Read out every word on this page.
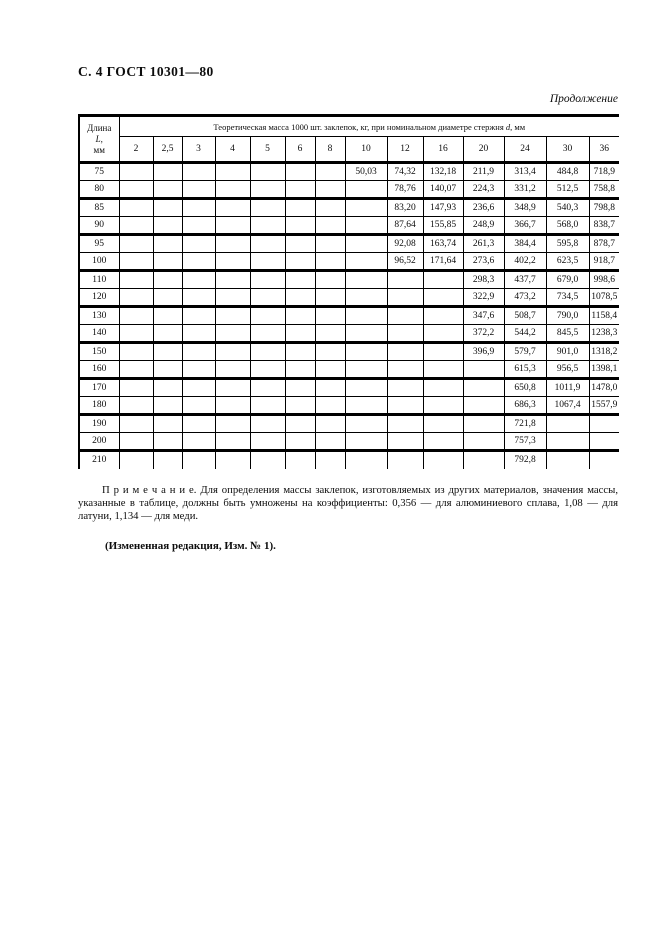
С. 4 ГОСТ 10301—80
Продолжение
Длина
L,
мм	Теоретическая масса 1000 шт. заклепок, кг, при номинальном диаметре стержня d, мм													
	2	2,5	3	4	5	6	8	10	12	16	20	24	30	36
75								50,03	74,32	132,18	211,9	313,4	484,8	718,9
80									78,76	140,07	224,3	331,2	512,5	758,8
85									83,20	147,93	236,6	348,9	540,3	798,8
90									87,64	155,85	248,9	366,7	568,0	838,7
95									92,08	163,74	261,3	384,4	595,8	878,7
100									96,52	171,64	273,6	402,2	623,5	918,7
110											298,3	437,7	679,0	998,6
120											322,9	473,2	734,5	1078,5
130											347,6	508,7	790,0	1158,4
140											372,2	544,2	845,5	1238,3
150											396,9	579,7	901,0	1318,2
160												615,3	956,5	1398,1
170												650,8	1011,9	1478,0
180												686,3	1067,4	1557,9
190												721,8		
200												757,3		
210												792,8		

П р и м е ч а н и е. Для определения массы заклепок, изготовляемых из других материалов, значения массы, указанные в таблице, должны быть умножены на коэффициенты: 0,356 — для алюминиевого сплава, 1,08 — для латуни, 1,134 — для меди.

(Измененная редакция, Изм. № 1).
